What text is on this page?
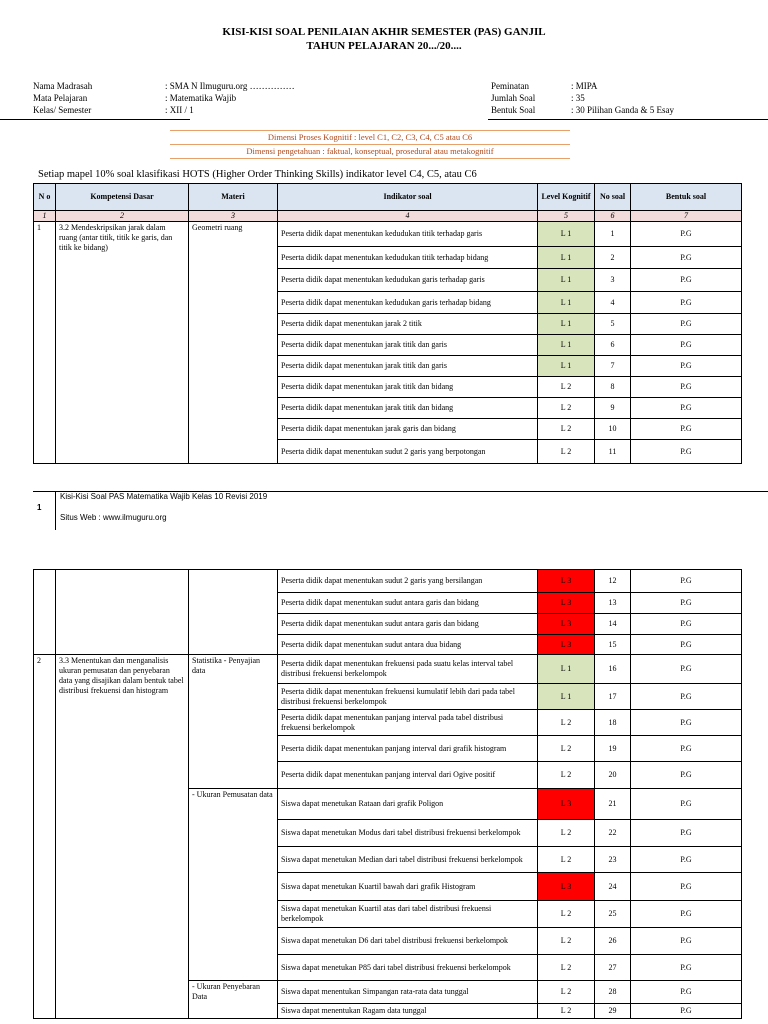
KISI-KISI SOAL PENILAIAN AKHIR SEMESTER (PAS) GANJIL
TAHUN PELAJARAN 20.../20....
Nama Madrasah	: SMA N Ilmuguru.org ……………
Mata Pelajaran	: Matematika Wajib
Kelas/ Semester	: XII / 1
Peminatan	: MIPA
Jumlah Soal	: 35
Bentuk Soal	: 30 Pilihan Ganda & 5 Esay
Dimensi Proses Kognitif : level C1, C2, C3, C4, C5 atau C6
Dimensi pengetahuan : faktual, konseptual, prosedural atau metakognitif
Setiap mapel 10% soal klasifikasi HOTS (Higher Order Thinking Skills) indikator level C4, C5, atau C6
N o	Kompetensi Dasar	Materi	Indikator soal	Level Kognitif	No soal	Bentuk soal
1	2	3	4	5	6	7
1	3.2 Mendeskripsikan jarak dalam ruang (antar titik, titik ke garis, dan titik ke bidang)	Geometri ruang	Peserta didik dapat menentukan kedudukan titik terhadap garis	L 1	1	P.G
			Peserta didik dapat menentukan kedudukan titik terhadap bidang	L 1	2	P.G
			Peserta didik dapat menentukan kedudukan garis terhadap garis	L 1	3	P.G
			Peserta didik dapat menentukan kedudukan garis terhadap bidang	L 1	4	P.G
			Peserta didik dapat menentukan jarak 2 titik	L 1	5	P.G
			Peserta didik dapat menentukan jarak titik dan garis	L 1	6	P.G
			Peserta didik dapat menentukan jarak titik dan garis	L 1	7	P.G
			Peserta didik dapat menentukan jarak titik dan bidang	L 2	8	P.G
			Peserta didik dapat menentukan jarak titik dan bidang	L 2	9	P.G
			Peserta didik dapat menentukan jarak garis dan bidang	L 2	10	P.G
			Peserta didik dapat menentukan sudut 2 garis yang berpotongan	L 2	11	P.G
1
Kisi-Kisi Soal PAS Matematika Wajib Kelas 10 Revisi 2019
Situs Web : www.ilmuguru.org
			Peserta didik dapat menentukan sudut 2 garis yang bersilangan	L 3	12	P.G
			Peserta didik dapat menentukan sudut antara garis dan bidang	L 3	13	P.G
			Peserta didik dapat menentukan sudut antara garis dan bidang	L 3	14	P.G
			Peserta didik dapat menentukan sudut antara dua bidang	L 3	15	P.G
2	3.3 Menentukan dan menganalisis ukuran pemusatan dan penyebaran data yang disajikan dalam bentuk tabel distribusi frekuensi dan histogram	Statistika - Penyajian data	Peserta didik dapat menentukan frekuensi pada suatu kelas interval tabel distribusi frekuensi berkelompok	L 1	16	P.G
			Peserta didik dapat menentukan frekuensi kumulatif lebih dari pada tabel distribusi frekuensi berkelompok	L 1	17	P.G
			Peserta didik dapat menentukan panjang interval pada tabel distribusi frekuensi berkelompok	L 2	18	P.G
			Peserta didik dapat menentukan panjang interval dari grafik histogram	L 2	19	P.G
			Peserta didik dapat menentukan panjang interval dari Ogive positif	L 2	20	P.G
		- Ukuran Pemusatan data	Siswa dapat menetukan Rataan dari grafik Poligon	L 3	21	P.G
			Siswa dapat menetukan Modus dari tabel distribusi frekuensi berkelompok	L 2	22	P.G
			Siswa dapat menetukan Median dari tabel distribusi frekuensi berkelompok	L 2	23	P.G
			Siswa dapat menetukan Kuartil bawah dari grafik Histogram	L 3	24	P.G
			Siswa dapat menetukan Kuartil atas dari tabel distribusi frekuensi berkelompok	L 2	25	P.G
			Siswa dapat menetukan D6 dari tabel distribusi frekuensi berkelompok	L 2	26	P.G
			Siswa dapat menetukan P85 dari tabel distribusi frekuensi berkelompok	L 2	27	P.G
		- Ukuran Penyebaran Data	Siswa dapat menentukan Simpangan rata-rata data tunggal	L 2	28	P.G
			Siswa dapat menentukan Ragam data tunggal	L 2	29	P.G
